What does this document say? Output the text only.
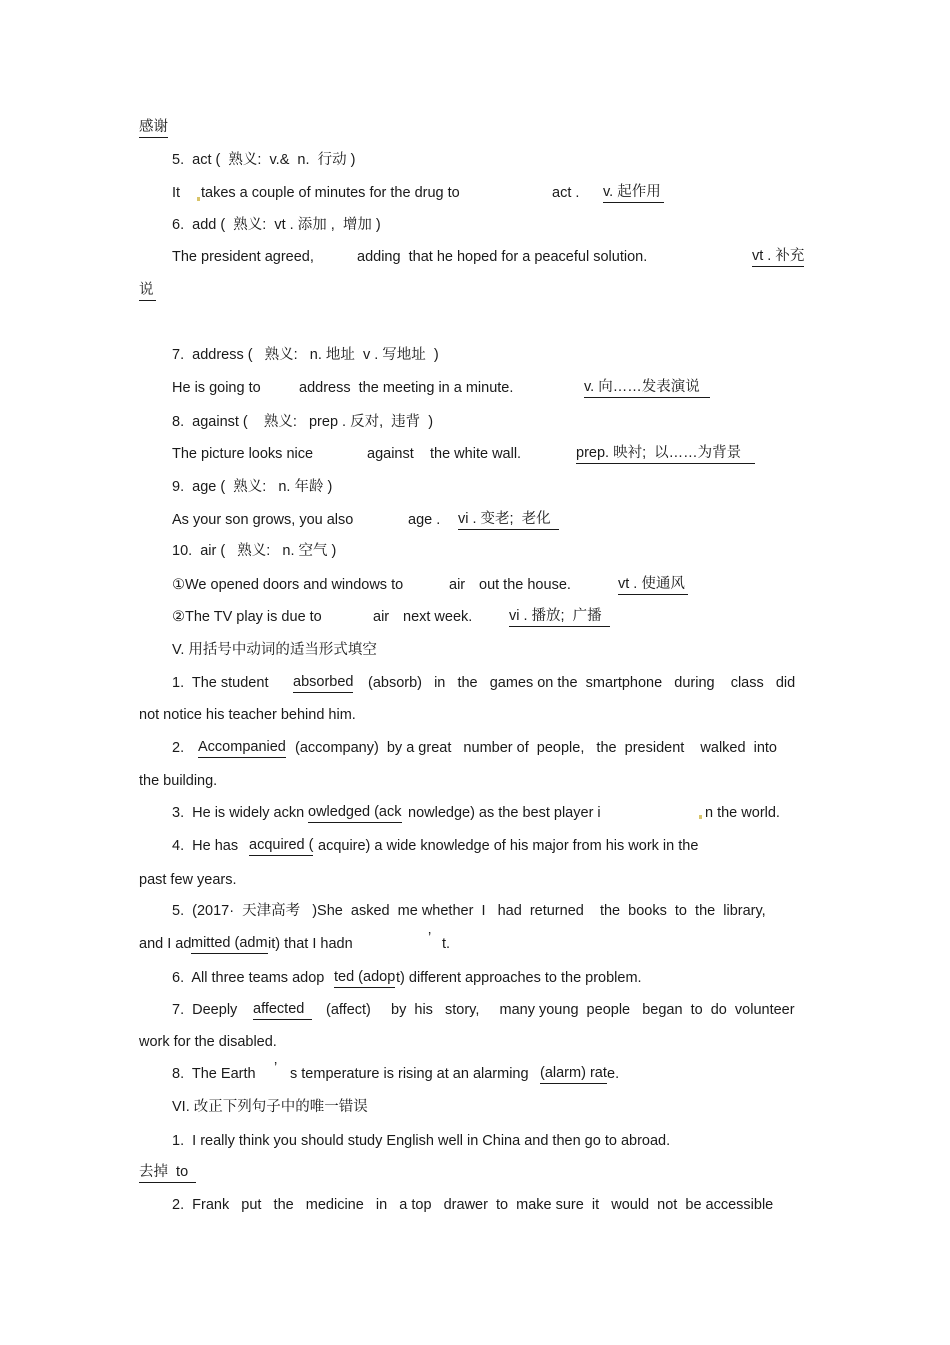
感谢

5.  act (  熟义:  v.&  n.  行动 )

It

takes a couple of minutes for the drug to

	act .

v. 起作用

6.  add (  熟义:  vt . 添加 ,  增加 )

The president agreed,

	adding  that he hoped for a peaceful solution.

	vt . 补充

说

7.  address (   熟义:   n. 地址  v . 写地址  )

He is going to

	address  the meeting in a minute.

	v. 向……发表演说

8.  against (    熟义:   prep . 反对,  违背  )

The picture looks nice

	against

the white wall.

	prep. 映衬;  以……为背景

9.  age (  熟义:   n. 年龄 )

As your son grows, you also

	age .

vi . 变老;  老化

10.  air (   熟义:   n. 空气 )

①We opened doors and windows to

	air

out the house.

	vt . 使通风

②The TV play is due to

	air

next week.

	vi . 播放;  广播

V. 用括号中动词的适当形式填空

1.  The student

absorbed

(absorb)   in   the   games on the  smartphone   during    class   did

not notice his teacher behind him.

2.

Accompanied

(accompany)  by a great   number of  people,   the  president    walked  into

the building.

3.  He is widely ackn

owledged (ack

nowledge) as the best player i

	n the world.

4.  He has

acquired (

acquire) a wide knowledge of his major from his work in the

past few years.

5.  (2017·  天津高考   )She  asked  me whether  I   had  returned    the  books  to  the  library,

and I ad

mitted (adm

it) that I hadn

	’

t.

6.  All three teams adop

ted (adop

t) different approaches to the problem.

7.  Deeply

affected

(affect)     by  his   story,     many young  people   began  to  do  volunteer

work for the disabled.

8.  The Earth

’

s temperature is rising at an alarming

(alarm) rat

e.

VI. 改正下列句子中的唯一错误

1.  I really think you should study English well in China and then go to abroad.

去掉  to

2.  Frank   put   the   medicine   in   a top   drawer  to  make sure  it   would  not  be accessible
